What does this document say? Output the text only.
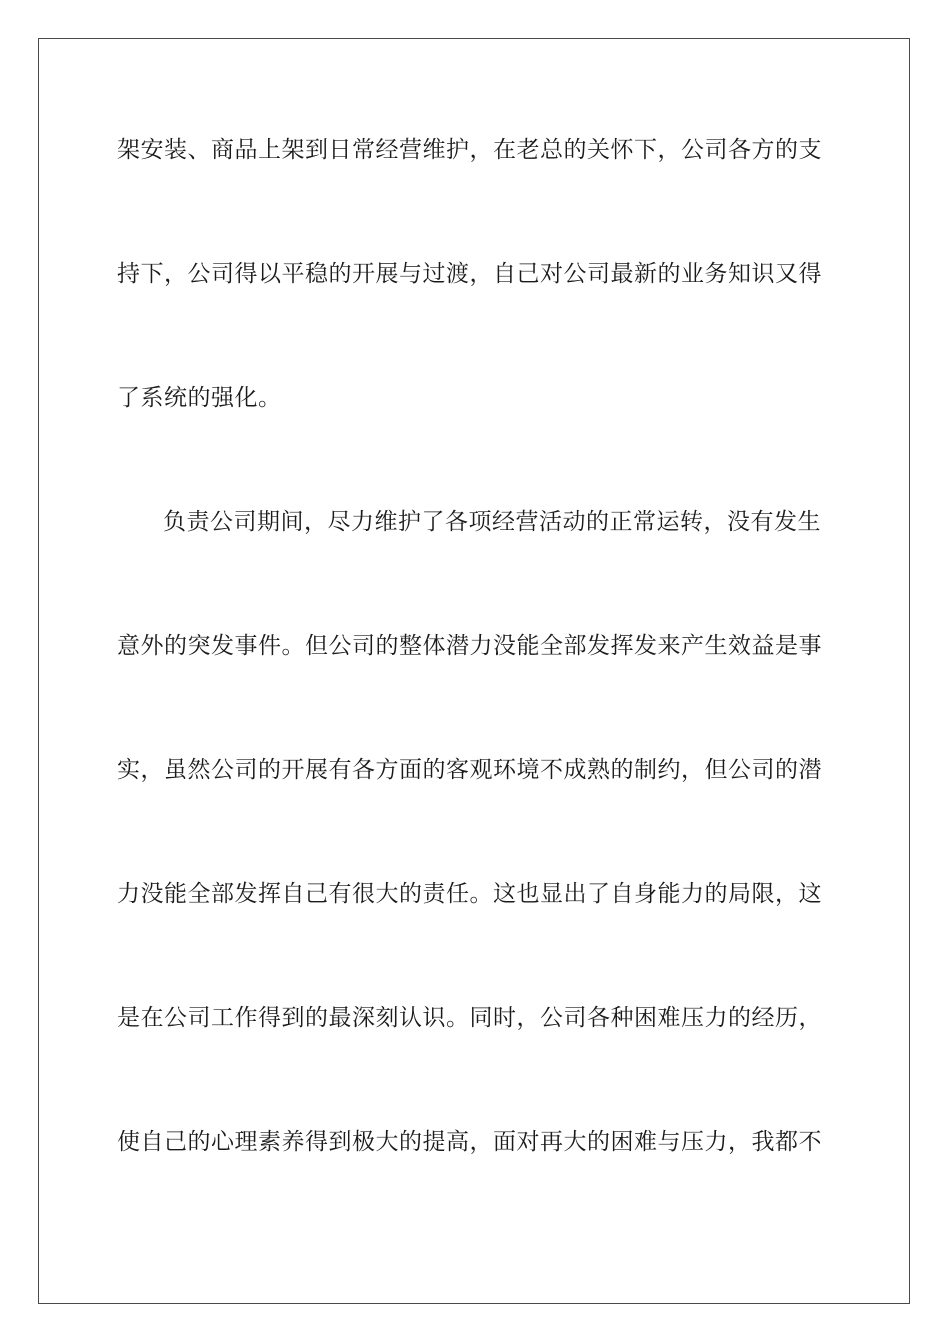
架安装、商品上架到日常经营维护，在老总的关怀下，公司各方的支
持下，公司得以平稳的开展与过渡，自己对公司最新的业务知识又得
了系统的强化。
负责公司期间，尽力维护了各项经营活动的正常运转，没有发生
意外的突发事件。但公司的整体潜力没能全部发挥发来产生效益是事
实，虽然公司的开展有各方面的客观环境不成熟的制约，但公司的潜
力没能全部发挥自己有很大的责任。这也显出了自身能力的局限，这
是在公司工作得到的最深刻认识。同时，公司各种困难压力的经历，
使自己的心理素养得到极大的提高，面对再大的困难与压力，我都不
